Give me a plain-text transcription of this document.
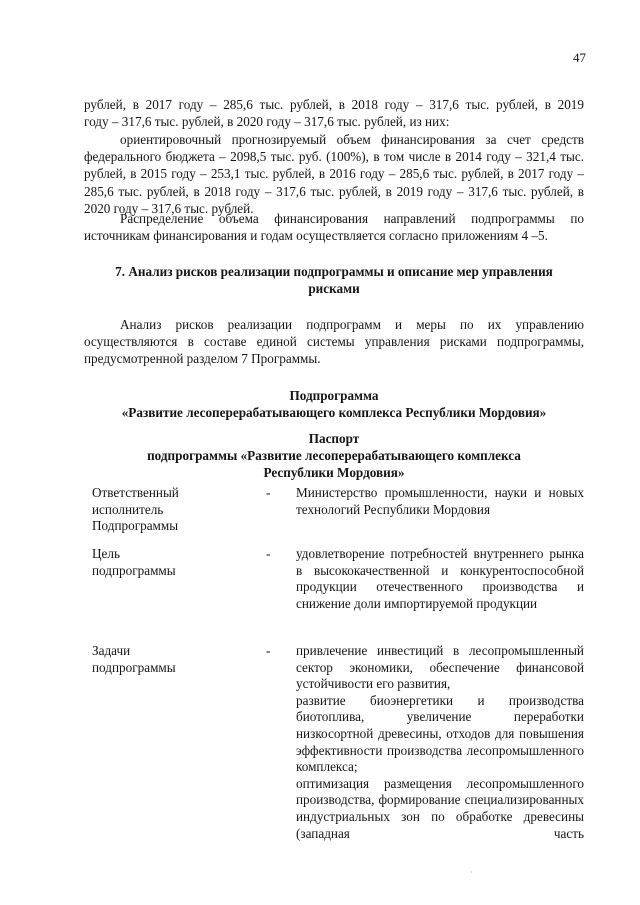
47
рублей, в 2017 году – 285,6 тыс. рублей, в 2018 году – 317,6 тыс. рублей, в 2019
году – 317,6 тыс. рублей, в 2020 году – 317,6 тыс. рублей, из них:
ориентировочный прогнозируемый объем финансирования за счет средств федерального бюджета – 2098,5 тыс. руб. (100%), в том числе в 2014 году – 321,4 тыс. рублей, в 2015 году – 253,1 тыс. рублей, в 2016 году – 285,6 тыс. рублей, в 2017 году – 285,6 тыс. рублей, в 2018 году – 317,6 тыс. рублей, в 2019 году – 317,6 тыс. рублей, в 2020 году – 317,6 тыс. рублей.
Распределение объема финансирования направлений подпрограммы по источникам финансирования и годам осуществляется согласно приложениям 4 –5.
7. Анализ рисков реализации подпрограммы и описание мер управления
рисками
Анализ рисков реализации подпрограмм и меры по их управлению осуществляются в составе единой системы управления рисками подпрограммы, предусмотренной разделом 7 Программы.
Подпрограмма
«Развитие лесоперерабатывающего комплекса Республики Мордовия»
Паспорт
подпрограммы «Развитие лесоперерабатывающего комплекса
Республики Мордовия»
Ответственный
исполнитель
Подпрограммы
- Министерство промышленности, науки и новых технологий Республики Мордовия

Цель
подпрограммы
- удовлетворение потребностей внутреннего рынка в высококачественной и конкурентоспособной продукции отечественного производства и снижение доли импортируемой продукции

Задачи
подпрограммы
- привлечение инвестиций в лесопромышленный сектор экономики, обеспечение финансовой устойчивости его развития,

развитие биоэнергетики и производства биотоплива, увеличение переработки низкосортной древесины, отходов для повышения эффективности производства лесопромышленного комплекса;

оптимизация размещения лесопромышленного производства, формирование специализированных индустриальных зон по обработке древесины (западная часть

·
